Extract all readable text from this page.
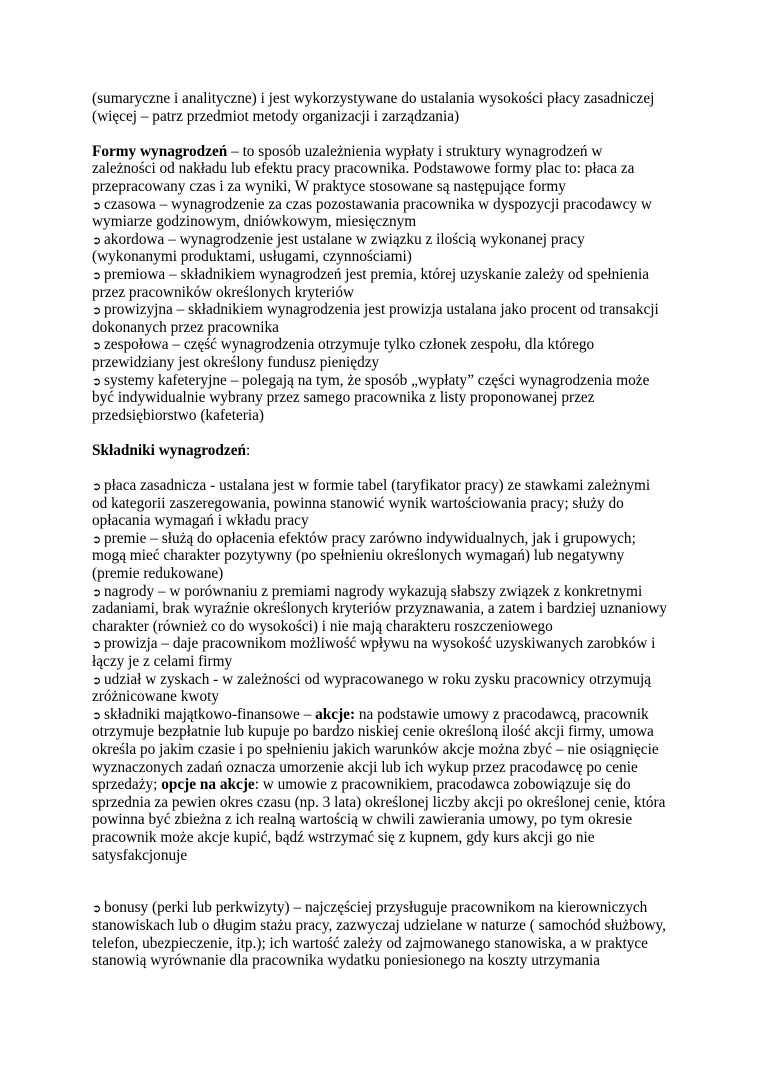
(sumaryczne i analityczne) i jest wykorzystywane do ustalania wysokości płacy zasadniczej
(więcej – patrz przedmiot metody organizacji i zarządzania)

Formy wynagrodzeń – to sposób uzależnienia wypłaty i struktury wynagrodzeń w
zależności od nakładu lub efektu pracy pracownika. Podstawowe formy plac to: płaca za
przepracowany czas i za wyniki, W praktyce stosowane są następujące formy

➲ czasowa – wynagrodzenie za czas pozostawania pracownika w dyspozycji pracodawcy w
wymiarze godzinowym, dniówkowym, miesięcznym

➲ akordowa – wynagrodzenie jest ustalane w związku z ilością wykonanej pracy
(wykonanymi produktami, usługami, czynnościami)

➲ premiowa – składnikiem wynagrodzeń jest premia, której uzyskanie zależy od spełnienia
przez pracowników określonych kryteriów

➲ prowizyjna – składnikiem wynagrodzenia jest prowizja ustalana jako procent od transakcji
dokonanych przez pracownika

➲ zespołowa – część wynagrodzenia otrzymuje tylko członek zespołu, dla którego
przewidziany jest określony fundusz pieniędzy

➲ systemy kafeteryjne – polegają na tym, że sposób „wypłaty” części wynagrodzenia może
być indywidualnie wybrany przez samego pracownika z listy proponowanej przez
przedsiębiorstwo (kafeteria)

Składniki wynagrodzeń:

➲ płaca zasadnicza - ustalana jest w formie tabel (taryfikator pracy) ze stawkami zależnymi
od kategorii zaszeregowania, powinna stanowić wynik wartościowania pracy; służy do
opłacania wymagań i wkładu pracy

➲ premie – służą do opłacenia efektów pracy zarówno indywidualnych, jak i grupowych;
mogą mieć charakter pozytywny (po spełnieniu określonych wymagań) lub negatywny
(premie redukowane)

➲ nagrody – w porównaniu z premiami nagrody wykazują słabszy związek z konkretnymi
zadaniami, brak wyraźnie określonych kryteriów przyznawania, a zatem i bardziej uznaniowy
charakter (również co do wysokości) i nie mają charakteru roszczeniowego

➲ prowizja – daje pracownikom możliwość wpływu na wysokość uzyskiwanych zarobków i
łączy je z celami firmy

➲ udział w zyskach - w zależności od wypracowanego w roku zysku pracownicy otrzymują
zróżnicowane kwoty

➲ składniki majątkowo-finansowe – akcje: na podstawie umowy z pracodawcą, pracownik
otrzymuje bezpłatnie lub kupuje po bardzo niskiej cenie określoną ilość akcji firmy, umowa
określa po jakim czasie i po spełnieniu jakich warunków akcje można zbyć – nie osiągnięcie
wyznaczonych zadań oznacza umorzenie akcji lub ich wykup przez pracodawcę po cenie
sprzedaży; opcje na akcje: w umowie z pracownikiem, pracodawca zobowiązuje się do
sprzednia za pewien okres czasu (np. 3 lata) określonej liczby akcji po określonej cenie, która
powinna być zbieżna z ich realną wartością w chwili zawierania umowy, po tym okresie
pracownik może akcje kupić, bądź wstrzymać się z kupnem, gdy kurs akcji go nie
satysfakcjonuje

➲ bonusy (perki lub perkwizyty) – najczęściej przysługuje pracownikom na kierowniczych
stanowiskach lub o długim stażu pracy, zazwyczaj udzielane w naturze ( samochód służbowy,
telefon, ubezpieczenie, itp.); ich wartość zależy od zajmowanego stanowiska, a w praktyce
stanowią wyrównanie dla pracownika wydatku poniesionego na koszty utrzymania
